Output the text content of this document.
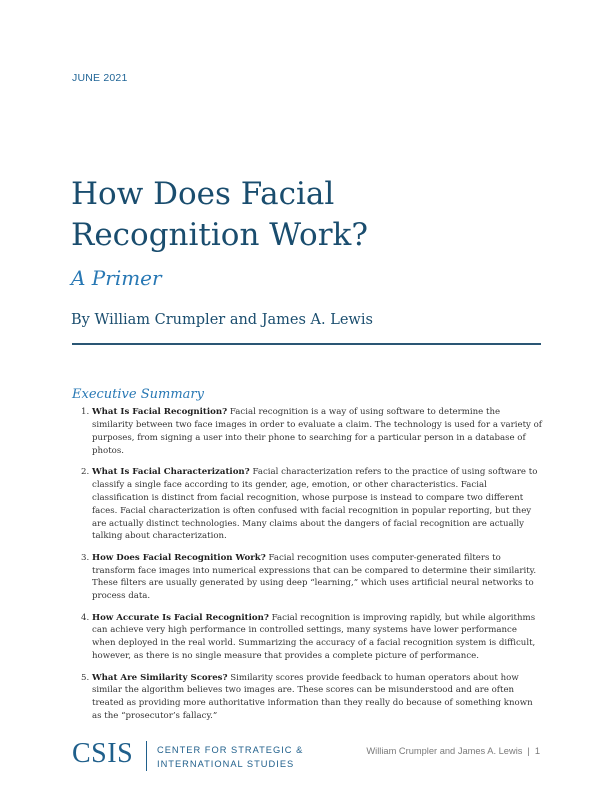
JUNE 2021
How Does Facial
Recognition Work?
A Primer
By William Crumpler and James A. Lewis
Executive Summary
1. What Is Facial Recognition? Facial recognition is a way of using software to determine the similarity between two face images in order to evaluate a claim. The technology is used for a variety of purposes, from signing a user into their phone to searching for a particular person in a database of photos.
2. What Is Facial Characterization? Facial characterization refers to the practice of using software to classify a single face according to its gender, age, emotion, or other characteristics. Facial classification is distinct from facial recognition, whose purpose is instead to compare two different faces. Facial characterization is often confused with facial recognition in popular reporting, but they are actually distinct technologies. Many claims about the dangers of facial recognition are actually talking about characterization.
3. How Does Facial Recognition Work? Facial recognition uses computer-generated filters to transform face images into numerical expressions that can be compared to determine their similarity. These filters are usually generated by using deep “learning,” which uses artificial neural networks to process data.
4. How Accurate Is Facial Recognition? Facial recognition is improving rapidly, but while algorithms can achieve very high performance in controlled settings, many systems have lower performance when deployed in the real world. Summarizing the accuracy of a facial recognition system is difficult, however, as there is no single measure that provides a complete picture of performance.
5. What Are Similarity Scores? Similarity scores provide feedback to human operators about how similar the algorithm believes two images are. These scores can be misunderstood and are often treated as providing more authoritative information than they really do because of something known as the “prosecutor’s fallacy.”
CSIS	CENTER FOR STRATEGIC &
INTERNATIONAL STUDIES
William Crumpler and James A. Lewis | 1
